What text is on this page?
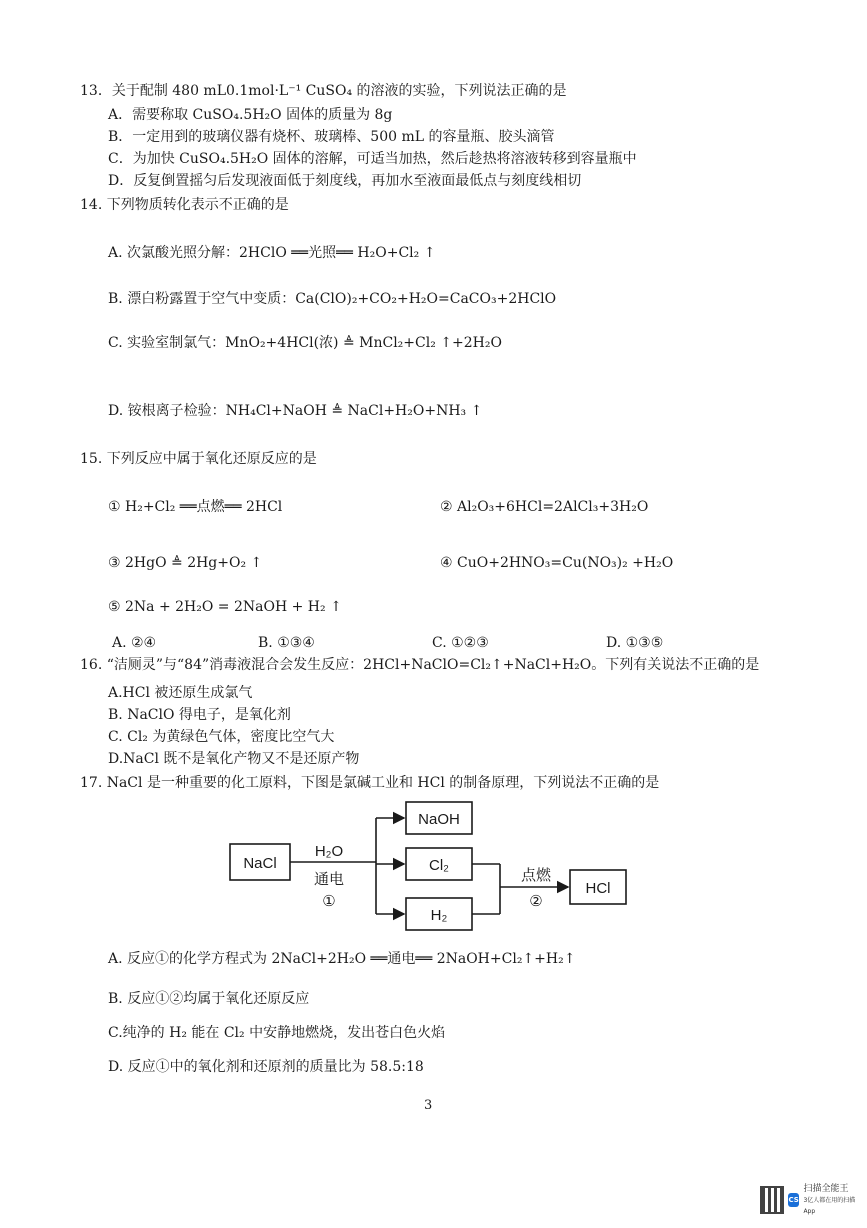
13．关于配制 480 mL0.1mol·L⁻¹ CuSO₄ 的溶液的实验，下列说法正确的是
A．需要称取 CuSO₄.5H₂O 固体的质量为 8g
B．一定用到的玻璃仪器有烧杯、玻璃棒、500 mL 的容量瓶、胶头滴管
C．为加快 CuSO₄.5H₂O 固体的溶解，可适当加热，然后趁热将溶液转移到容量瓶中
D．反复倒置摇匀后发现液面低于刻度线，再加水至液面最低点与刻度线相切
14. 下列物质转化表示不正确的是
A. 次氯酸光照分解：2HClO ══光照══ H₂O+Cl₂ ↑
B. 漂白粉露置于空气中变质：Ca(ClO)₂+CO₂+H₂O=CaCO₃+2HClO
C. 实验室制氯气：MnO₂+4HCl(浓) ≜ MnCl₂+Cl₂ ↑+2H₂O
D. 铵根离子检验：NH₄Cl+NaOH ≜ NaCl+H₂O+NH₃ ↑
15. 下列反应中属于氧化还原反应的是
① H₂+Cl₂ ══点燃══ 2HCl	② Al₂O₃+6HCl=2AlCl₃+3H₂O
③ 2HgO ≜ 2Hg+O₂ ↑	④ CuO+2HNO₃=Cu(NO₃)₂ +H₂O
⑤ 2Na + 2H₂O = 2NaOH + H₂ ↑
A. ②④	B. ①③④	C. ①②③	D. ①③⑤
16. “洁厕灵”与“84”消毒液混合会发生反应：2HCl+NaClO=Cl₂↑+NaCl+H₂O。下列有关说法不正确的是
A.HCl 被还原生成氯气
B. NaClO 得电子，是氧化剂
C. Cl₂ 为黄绿色气体，密度比空气大
D.NaCl 既不是氧化产物又不是还原产物
17. NaCl 是一种重要的化工原料，下图是氯碱工业和 HCl 的制备原理，下列说法不正确的是
NaCl
NaOH
Cl₂
H₂
HCl
H₂O
通电
①
点燃
②
A. 反应①的化学方程式为 2NaCl+2H₂O ══通电══ 2NaOH+Cl₂↑+H₂↑
B. 反应①②均属于氧化还原反应
C.纯净的 H₂ 能在 Cl₂ 中安静地燃烧，发出苍白色火焰
D. 反应①中的氧化剂和还原剂的质量比为 58.5:18
3
CS
扫描全能王
3亿人都在用的扫描App
